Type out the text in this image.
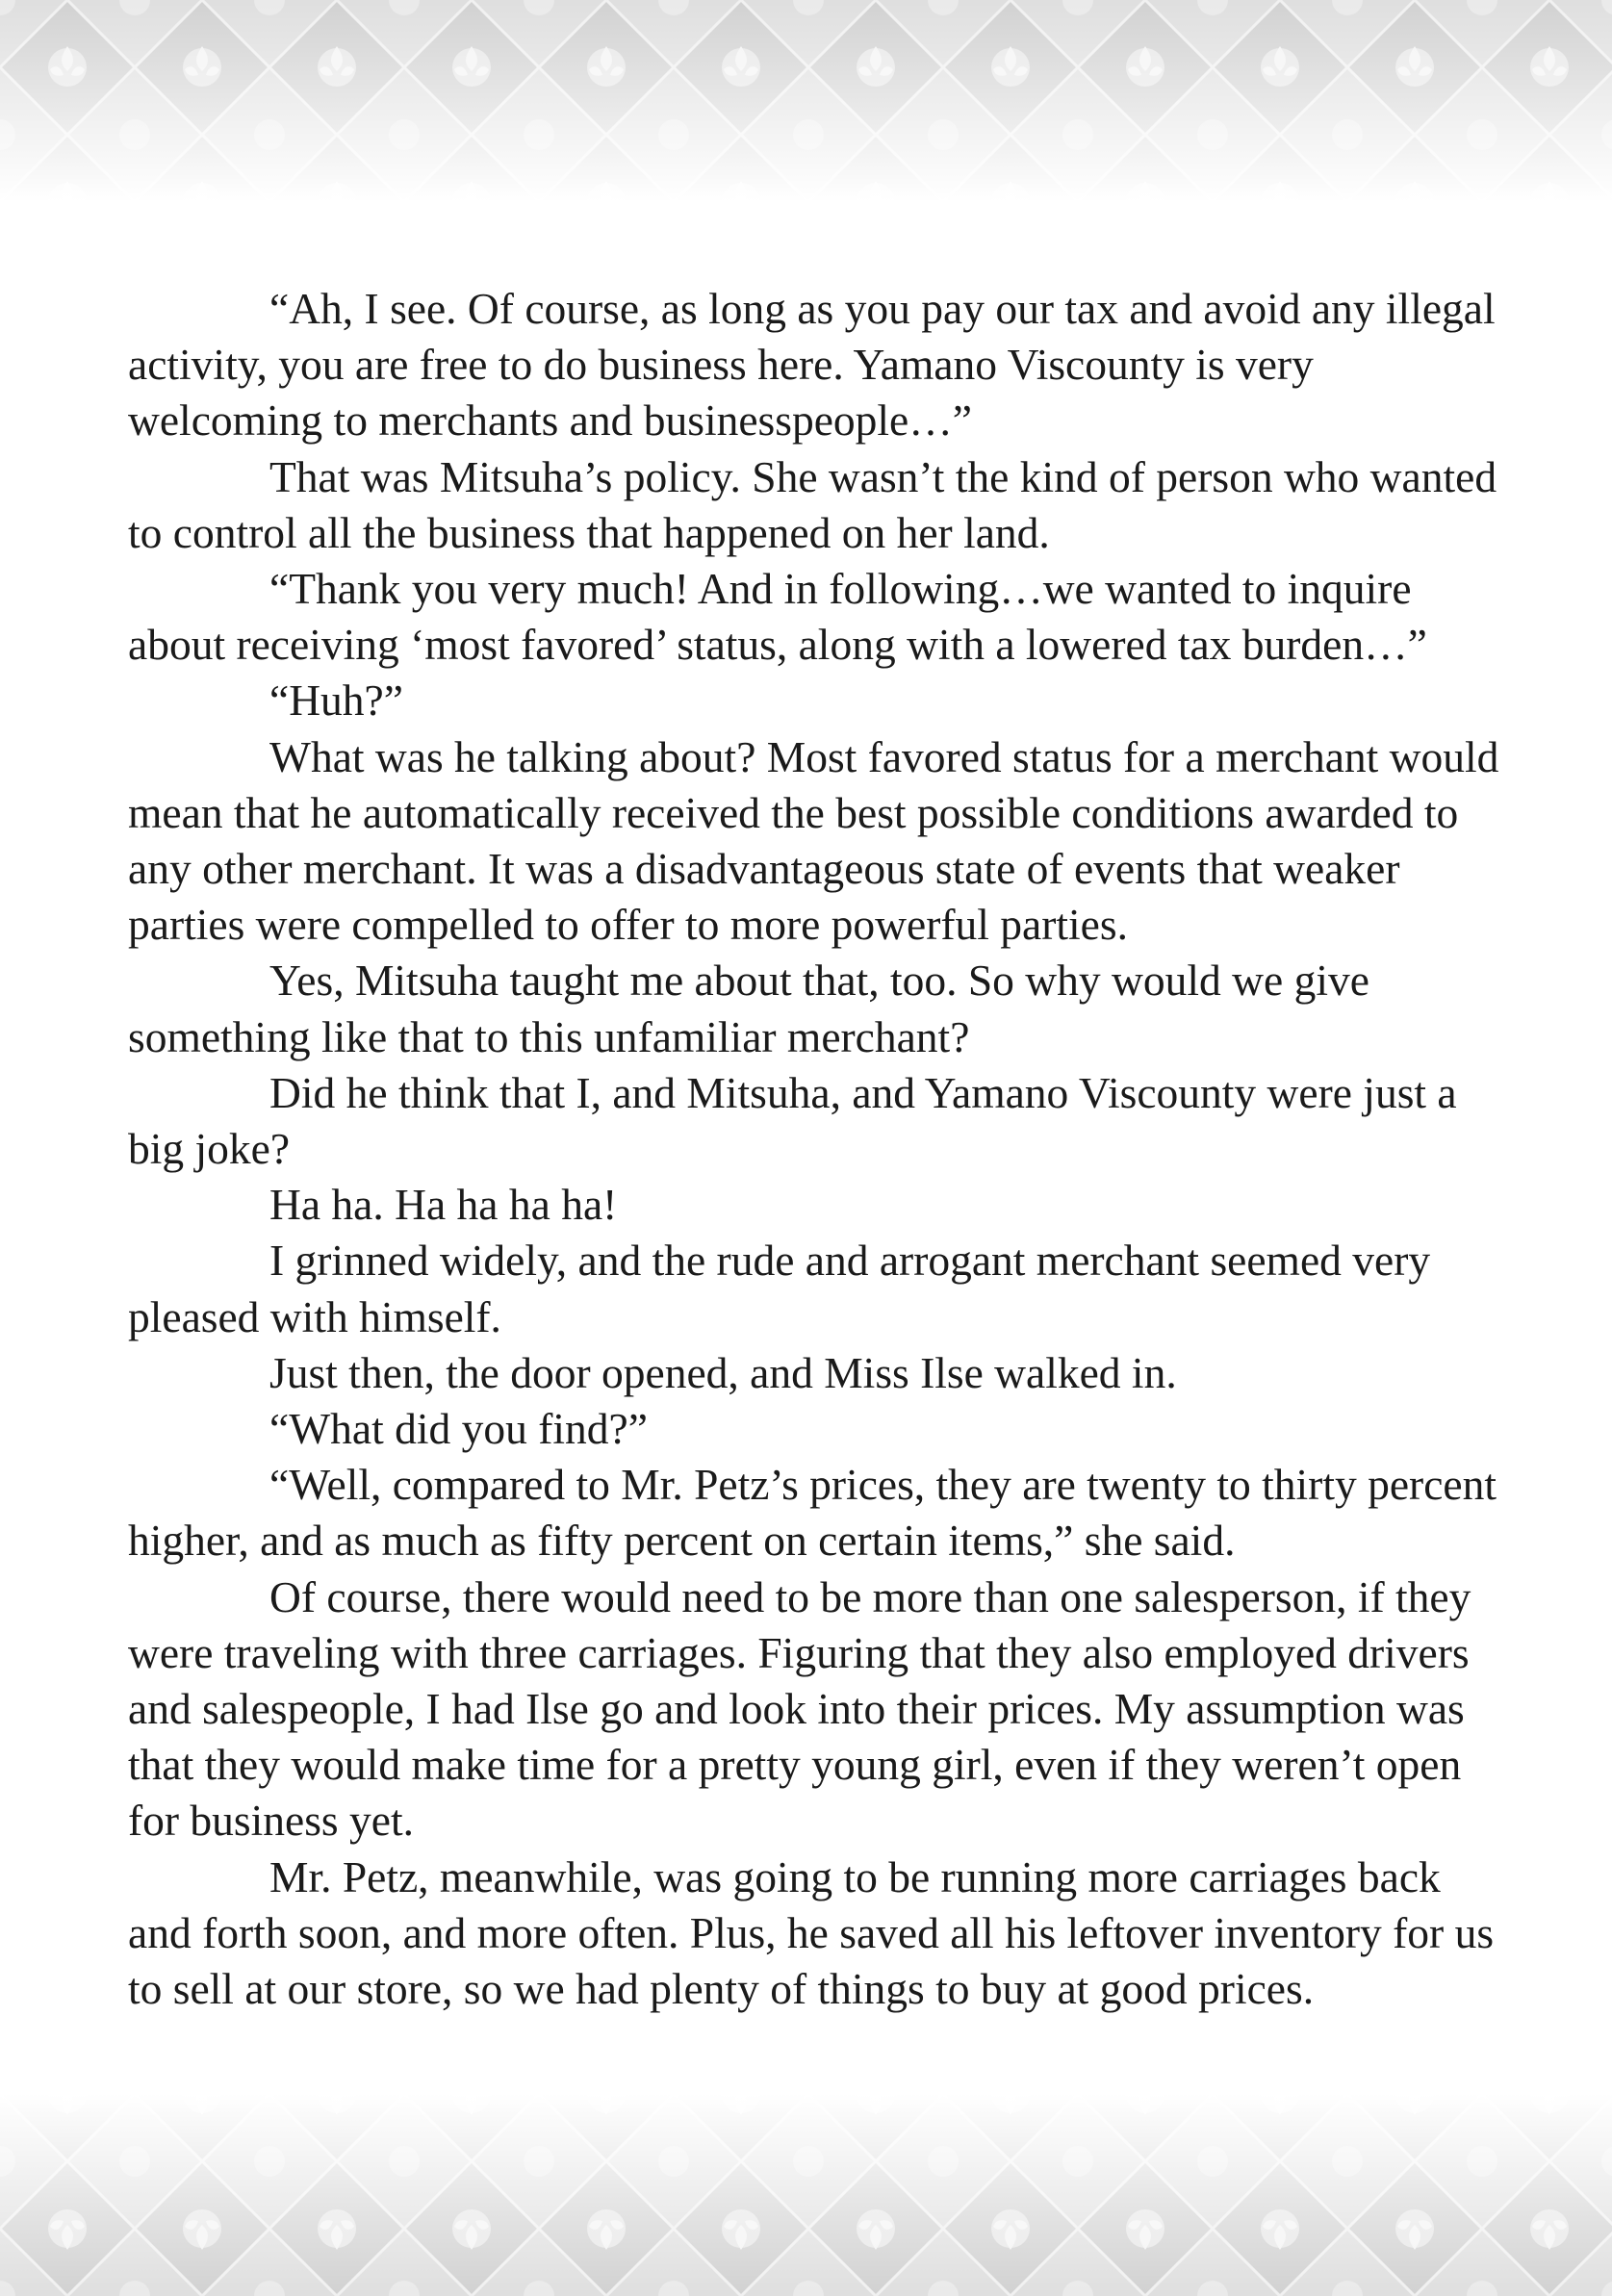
“Ah, I see. Of course, as long as you pay our tax and avoid any illegal activity, you are free to do business here. Yamano Viscounty is very welcoming to merchants and businesspeople…”

That was Mitsuha’s policy. She wasn’t the kind of person who wanted to control all the business that happened on her land.

“Thank you very much! And in following…we wanted to inquire about receiving ‘most favored’ status, along with a lowered tax burden…”

“Huh?”

What was he talking about? Most favored status for a merchant would mean that he automatically received the best possible conditions awarded to any other merchant. It was a disadvantageous state of events that weaker parties were compelled to offer to more powerful parties.

Yes, Mitsuha taught me about that, too. So why would we give something like that to this unfamiliar merchant?

Did he think that I, and Mitsuha, and Yamano Viscounty were just a big joke?

Ha ha. Ha ha ha ha!

I grinned widely, and the rude and arrogant merchant seemed very pleased with himself.

Just then, the door opened, and Miss Ilse walked in.

“What did you find?”

“Well, compared to Mr. Petz’s prices, they are twenty to thirty percent higher, and as much as fifty percent on certain items,” she said.

Of course, there would need to be more than one salesperson, if they were traveling with three carriages. Figuring that they also employed drivers and salespeople, I had Ilse go and look into their prices. My assumption was that they would make time for a pretty young girl, even if they weren’t open for business yet.

Mr. Petz, meanwhile, was going to be running more carriages back and forth soon, and more often. Plus, he saved all his leftover inventory for us to sell at our store, so we had plenty of things to buy at good prices.
